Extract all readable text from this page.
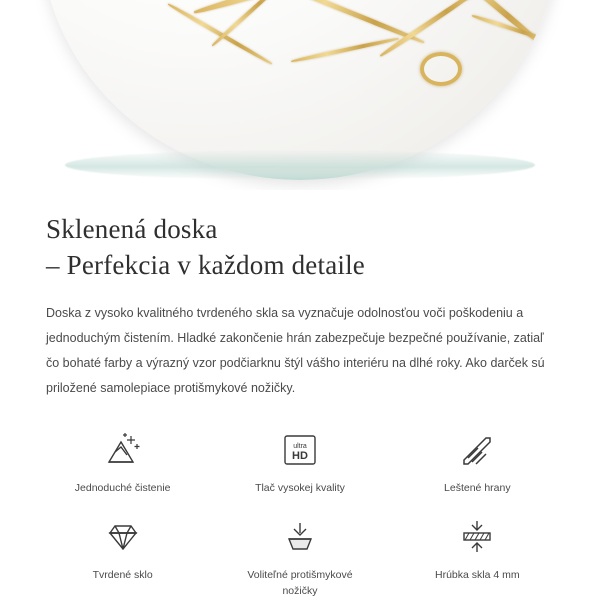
Sklenená doska
– Perfekcia v každom detaile

Doska z vysoko kvalitného tvrdeného skla sa vyznačuje odolnosťou voči poškodeniu a jednoduchým čistením. Hladké zakončenie hrán zabezpečuje bezpečné používanie, zatiaľ čo bohaté farby a výrazný vzor podčiarknu štýl vášho interiéru na dlhé roky. Ako darček sú priložené samolepiace protišmykové nožičky.

Jednoduché čistenie
ultra
HD
Tlač vysokej kvality	Leštené hrany
Tvrdené sklo	Voliteľné protišmykové nožičky
Hrúbka skla 4 mm
